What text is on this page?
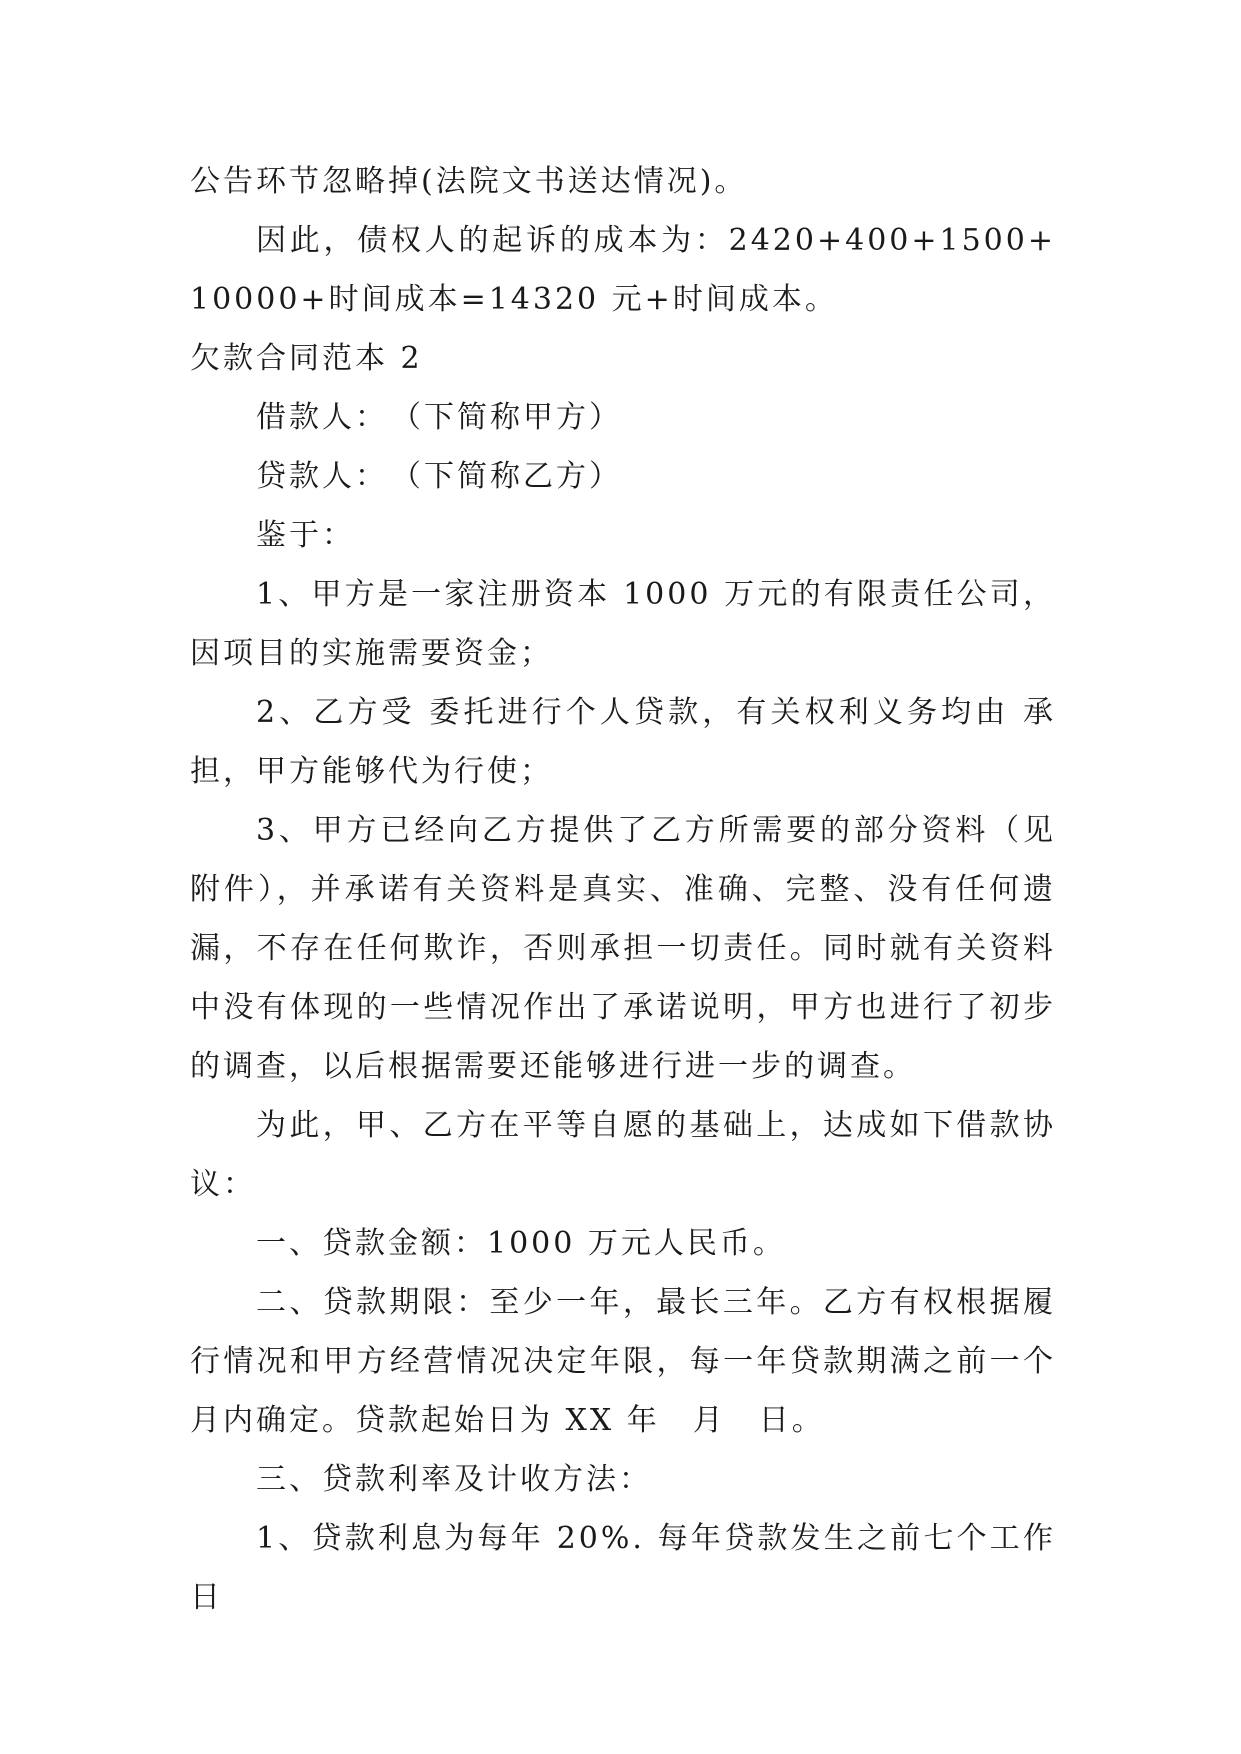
公告环节忽略掉(法院文书送达情况)。

因此，债权人的起诉的成本为：2420+400+1500+10000+时间成本=14320 元+时间成本。

欠款合同范本 2

借款人：　（下简称甲方）

贷款人：　（下简称乙方）

鉴于：

1、甲方是一家注册资本 1000 万元的有限责任公司，因项目的实施需要资金；

2、乙方受 委托进行个人贷款，有关权利义务均由 承担，甲方能够代为行使；

3、甲方已经向乙方提供了乙方所需要的部分资料（见附件），并承诺有关资料是真实、准确、完整、没有任何遗漏，不存在任何欺诈，否则承担一切责任。同时就有关资料中没有体现的一些情况作出了承诺说明，甲方也进行了初步的调查，以后根据需要还能够进行进一步的调查。

为此，甲、乙方在平等自愿的基础上，达成如下借款协议：

一、贷款金额：1000 万元人民币。

二、贷款期限：至少一年，最长三年。乙方有权根据履行情况和甲方经营情况决定年限，每一年贷款期满之前一个月内确定。贷款起始日为 XX 年　月　日。

三、贷款利率及计收方法：

1、贷款利息为每年 20%. 每年贷款发生之前七个工作日
